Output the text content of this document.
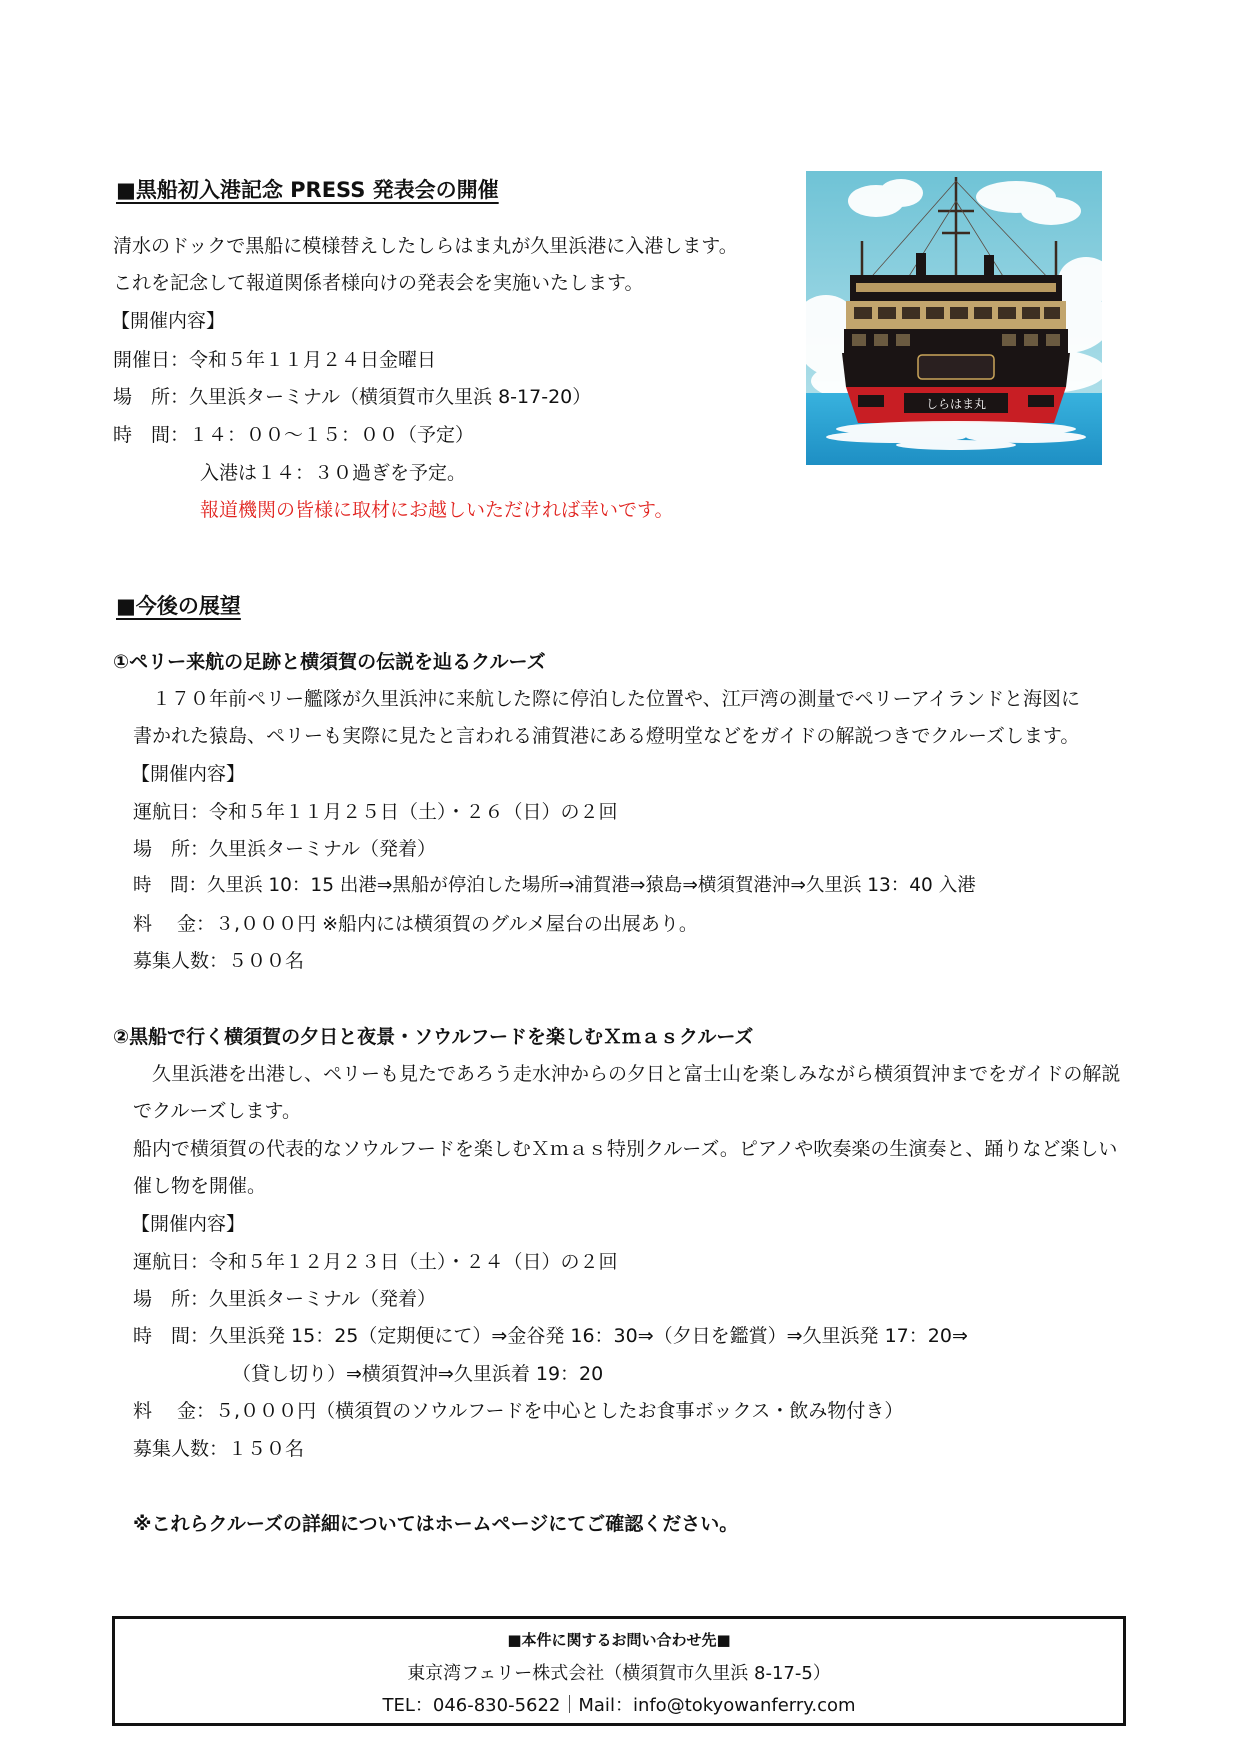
■黒船初入港記念 PRESS 発表会の開催
清水のドックで黒船に模様替えしたしらはま丸が久里浜港に入港します。
これを記念して報道関係者様向けの発表会を実施いたします。
【開催内容】
開催日：令和５年１１月２４日金曜日
場　所：久里浜ターミナル（横須賀市久里浜 8-17-20）
時　間：１４：００～１５：００（予定）
入港は１４：３０過ぎを予定。
報道機関の皆様に取材にお越しいただければ幸いです。
しらはま丸
■今後の展望
①ペリー来航の足跡と横須賀の伝説を辿るクルーズ
　１７０年前ペリー艦隊が久里浜沖に来航した際に停泊した位置や、江戸湾の測量でペリーアイランドと海図に
書かれた猿島、ペリーも実際に見たと言われる浦賀港にある燈明堂などをガイドの解説つきでクルーズします。
【開催内容】
運航日：令和５年１１月２５日（土）・２６（日）の２回
場　所：久里浜ターミナル（発着）
時　間：久里浜 10：15 出港⇒黒船が停泊した場所⇒浦賀港⇒猿島⇒横須賀港沖⇒久里浜 13：40 入港
料　 金：３,０００円 ※船内には横須賀のグルメ屋台の出展あり。
募集人数：５００名
②黒船で行く横須賀の夕日と夜景・ソウルフードを楽しむＸｍａｓクルーズ
　久里浜港を出港し、ペリーも見たであろう走水沖からの夕日と富士山を楽しみながら横須賀沖までをガイドの解説
でクルーズします。
船内で横須賀の代表的なソウルフードを楽しむＸｍａｓ特別クルーズ。ピアノや吹奏楽の生演奏と、踊りなど楽しい
催し物を開催。
【開催内容】
運航日：令和５年１２月２３日（土）・２４（日）の２回
場　所：久里浜ターミナル（発着）
時　間：久里浜発 15：25（定期便にて）⇒金谷発 16：30⇒（夕日を鑑賞）⇒久里浜発 17：20⇒
（貸し切り）⇒横須賀沖⇒久里浜着 19：20
料　 金：５,０００円（横須賀のソウルフードを中心としたお食事ボックス・飲み物付き）
募集人数：１５０名
※これらクルーズの詳細についてはホームページにてご確認ください。
■本件に関するお問い合わせ先■
東京湾フェリー株式会社（横須賀市久里浜 8-17-5）
TEL：046-830-5622｜Mail：info@tokyowanferry.com
